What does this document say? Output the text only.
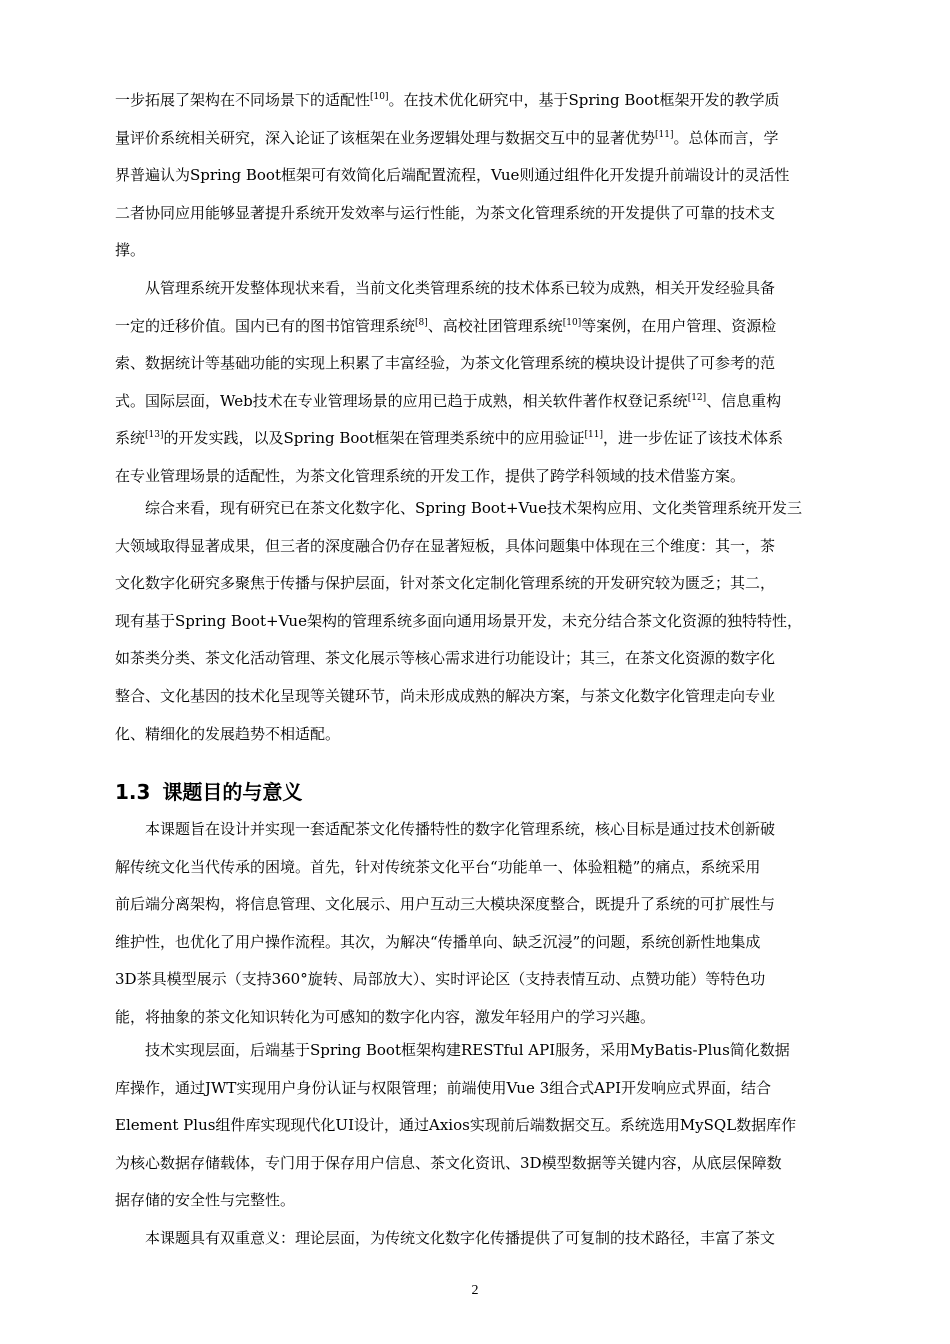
一步拓展了架构在不同场景下的适配性[10]。在技术优化研究中，基于Spring Boot框架开发的教学质
量评价系统相关研究，深入论证了该框架在业务逻辑处理与数据交互中的显著优势[11]。总体而言，学
界普遍认为Spring Boot框架可有效简化后端配置流程，Vue则通过组件化开发提升前端设计的灵活性
二者协同应用能够显著提升系统开发效率与运行性能，为茶文化管理系统的开发提供了可靠的技术支
撑。
　　从管理系统开发整体现状来看，当前文化类管理系统的技术体系已较为成熟，相关开发经验具备
一定的迁移价值。国内已有的图书馆管理系统[8]、高校社团管理系统[10]等案例，在用户管理、资源检
索、数据统计等基础功能的实现上积累了丰富经验，为茶文化管理系统的模块设计提供了可参考的范
式。国际层面，Web技术在专业管理场景的应用已趋于成熟，相关软件著作权登记系统[12]、信息重构
系统[13]的开发实践，以及Spring Boot框架在管理类系统中的应用验证[11]，进一步佐证了该技术体系
在专业管理场景的适配性，为茶文化管理系统的开发工作，提供了跨学科领域的技术借鉴方案。
　　综合来看，现有研究已在茶文化数字化、Spring Boot+Vue技术架构应用、文化类管理系统开发三
大领域取得显著成果，但三者的深度融合仍存在显著短板，具体问题集中体现在三个维度：其一，茶
文化数字化研究多聚焦于传播与保护层面，针对茶文化定制化管理系统的开发研究较为匮乏；其二，
现有基于Spring Boot+Vue架构的管理系统多面向通用场景开发，未充分结合茶文化资源的独特特性，
如茶类分类、茶文化活动管理、茶文化展示等核心需求进行功能设计；其三，在茶文化资源的数字化
整合、文化基因的技术化呈现等关键环节，尚未形成成熟的解决方案，与茶文化数字化管理走向专业
化、精细化的发展趋势不相适配。
1.3 课题目的与意义
　　本课题旨在设计并实现一套适配茶文化传播特性的数字化管理系统，核心目标是通过技术创新破
解传统文化当代传承的困境。首先，针对传统茶文化平台“功能单一、体验粗糙”的痛点，系统采用
前后端分离架构，将信息管理、文化展示、用户互动三大模块深度整合，既提升了系统的可扩展性与
维护性，也优化了用户操作流程。其次，为解决“传播单向、缺乏沉浸”的问题，系统创新性地集成
3D茶具模型展示（支持360°旋转、局部放大）、实时评论区（支持表情互动、点赞功能）等特色功
能，将抽象的茶文化知识转化为可感知的数字化内容，激发年轻用户的学习兴趣。
　　技术实现层面，后端基于Spring Boot框架构建RESTful API服务，采用MyBatis-Plus简化数据
库操作，通过JWT实现用户身份认证与权限管理；前端使用Vue 3组合式API开发响应式界面，结合
Element Plus组件库实现现代化UI设计，通过Axios实现前后端数据交互。系统选用MySQL数据库作
为核心数据存储载体，专门用于保存用户信息、茶文化资讯、3D模型数据等关键内容，从底层保障数
据存储的安全性与完整性。
　　本课题具有双重意义：理论层面，为传统文化数字化传播提供了可复制的技术路径，丰富了茶文
2
